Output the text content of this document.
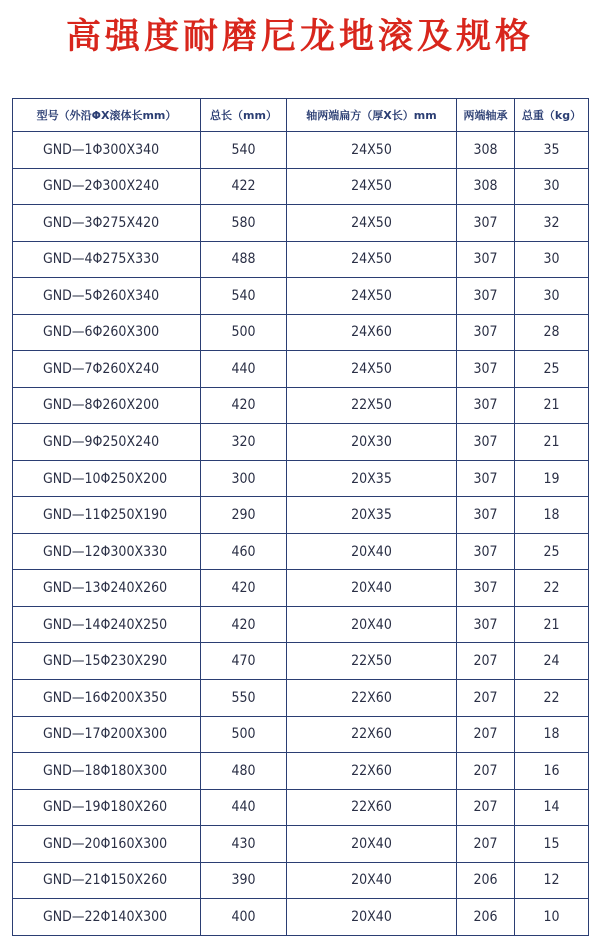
高强度耐磨尼龙地滚及规格
型号（外沿ΦX滚体长mm）	总长（mm）	轴两端扁方（厚X长）mm	两端轴承	总重（kg）
GND—1Φ300X340	540	24X50	308	35
GND—2Φ300X240	422	24X50	308	30
GND—3Φ275X420	580	24X50	307	32
GND—4Φ275X330	488	24X50	307	30
GND—5Φ260X340	540	24X50	307	30
GND—6Φ260X300	500	24X60	307	28
GND—7Φ260X240	440	24X50	307	25
GND—8Φ260X200	420	22X50	307	21
GND—9Φ250X240	320	20X30	307	21
GND—10Φ250X200	300	20X35	307	19
GND—11Φ250X190	290	20X35	307	18
GND—12Φ300X330	460	20X40	307	25
GND—13Φ240X260	420	20X40	307	22
GND—14Φ240X250	420	20X40	307	21
GND—15Φ230X290	470	22X50	207	24
GND—16Φ200X350	550	22X60	207	22
GND—17Φ200X300	500	22X60	207	18
GND—18Φ180X300	480	22X60	207	16
GND—19Φ180X260	440	22X60	207	14
GND—20Φ160X300	430	20X40	207	15
GND—21Φ150X260	390	20X40	206	12
GND—22Φ140X300	400	20X40	206	10
